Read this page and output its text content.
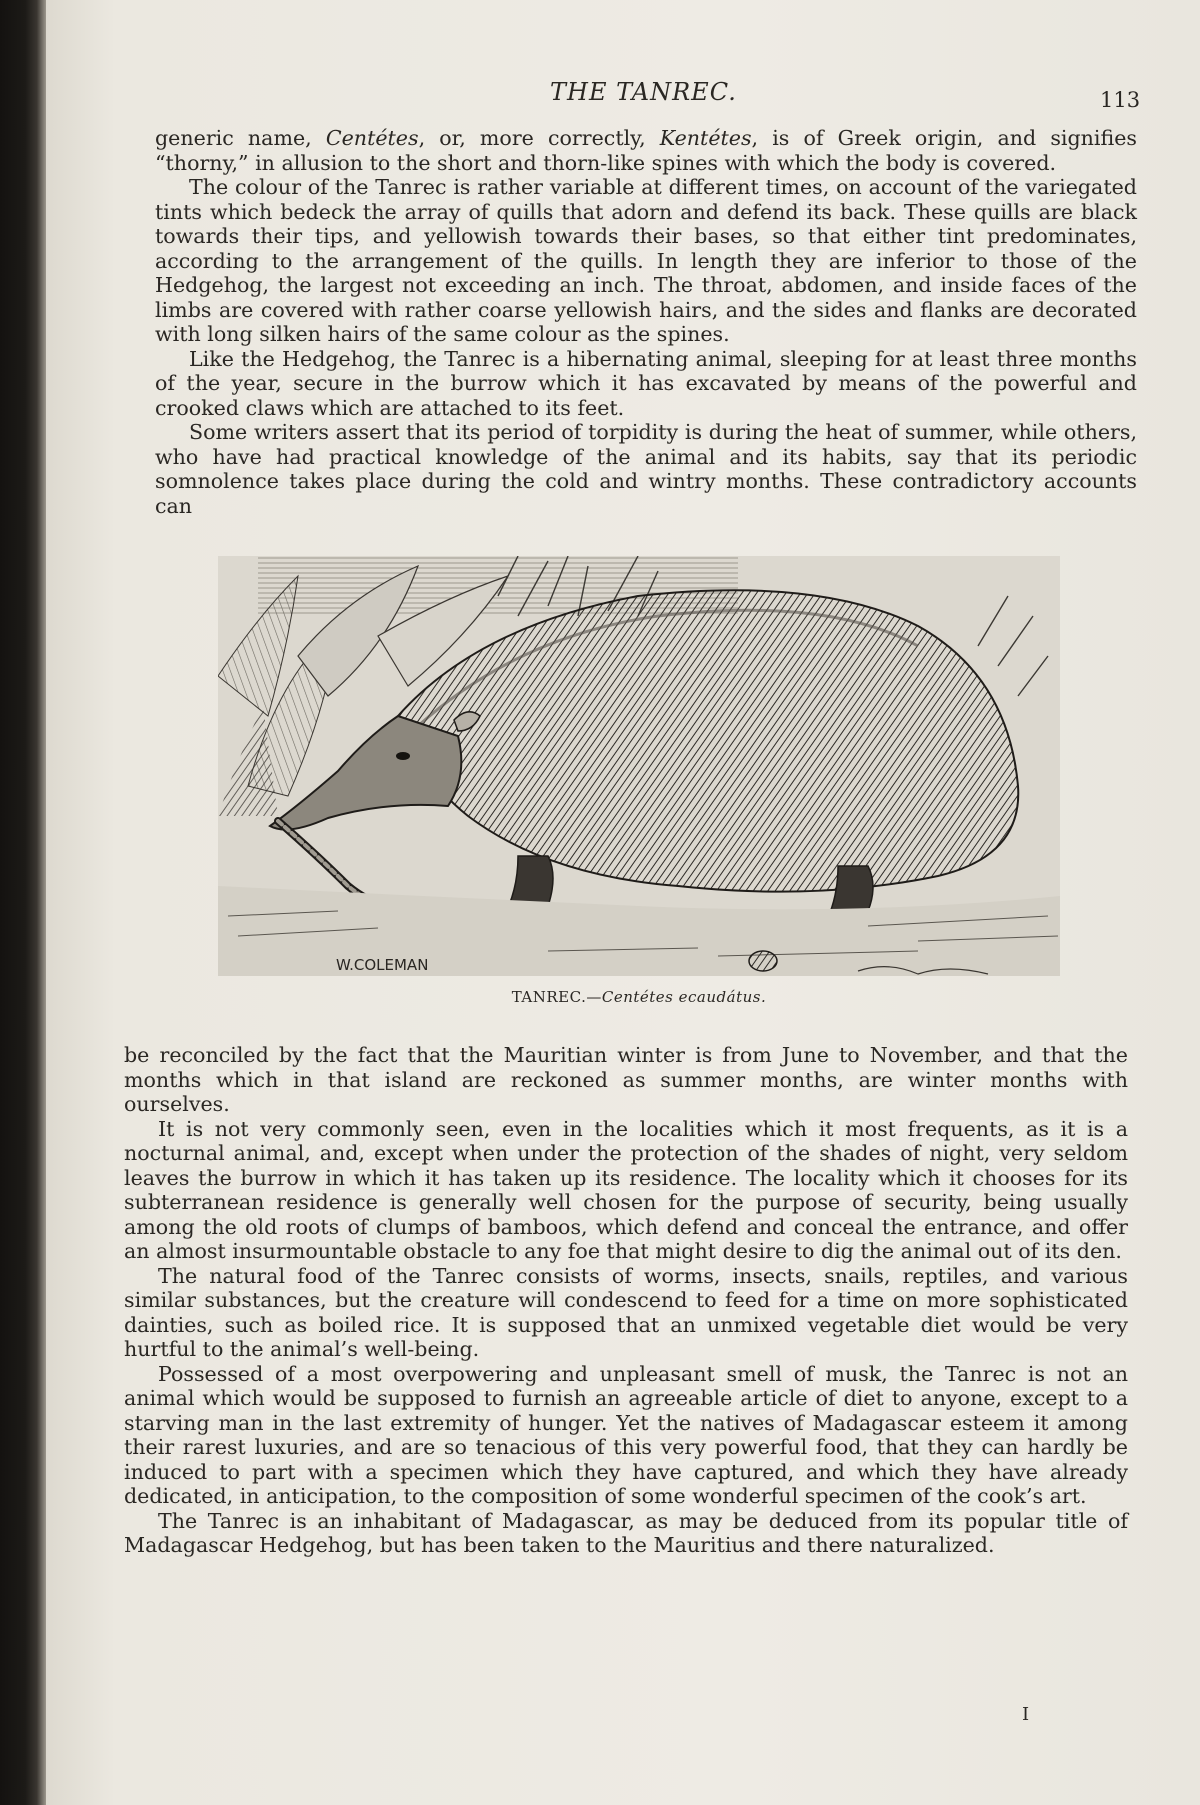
THE TANREC.	113

generic name, Centétes, or, more correctly, Kentétes, is of Greek origin, and signifies “thorny,” in allusion to the short and thorn-like spines with which the body is covered.

The colour of the Tanrec is rather variable at different times, on account of the variegated tints which bedeck the array of quills that adorn and defend its back. These quills are black towards their tips, and yellowish towards their bases, so that either tint predominates, according to the arrangement of the quills. In length they are inferior to those of the Hedgehog, the largest not exceeding an inch. The throat, abdomen, and inside faces of the limbs are covered with rather coarse yellowish hairs, and the sides and flanks are decorated with long silken hairs of the same colour as the spines.

Like the Hedgehog, the Tanrec is a hibernating animal, sleeping for at least three months of the year, secure in the burrow which it has excavated by means of the powerful and crooked claws which are attached to its feet.

Some writers assert that its period of torpidity is during the heat of summer, while others, who have had practical knowledge of the animal and its habits, say that its periodic somnolence takes place during the cold and wintry months. These contradictory accounts can

W.COLEMAN
TANREC.—Centétes ecaudátus.

be reconciled by the fact that the Mauritian winter is from June to November, and that the months which in that island are reckoned as summer months, are winter months with ourselves.

It is not very commonly seen, even in the localities which it most frequents, as it is a nocturnal animal, and, except when under the protection of the shades of night, very seldom leaves the burrow in which it has taken up its residence. The locality which it chooses for its subterranean residence is generally well chosen for the purpose of security, being usually among the old roots of clumps of bamboos, which defend and conceal the entrance, and offer an almost insurmountable obstacle to any foe that might desire to dig the animal out of its den.

The natural food of the Tanrec consists of worms, insects, snails, reptiles, and various similar substances, but the creature will condescend to feed for a time on more sophisticated dainties, such as boiled rice. It is supposed that an unmixed vegetable diet would be very hurtful to the animal’s well-being.

Possessed of a most overpowering and unpleasant smell of musk, the Tanrec is not an animal which would be supposed to furnish an agreeable article of diet to anyone, except to a starving man in the last extremity of hunger. Yet the natives of Madagascar esteem it among their rarest luxuries, and are so tenacious of this very powerful food, that they can hardly be induced to part with a specimen which they have captured, and which they have already dedicated, in anticipation, to the composition of some wonderful specimen of the cook’s art.

The Tanrec is an inhabitant of Madagascar, as may be deduced from its popular title of Madagascar Hedgehog, but has been taken to the Mauritius and there naturalized.

I
